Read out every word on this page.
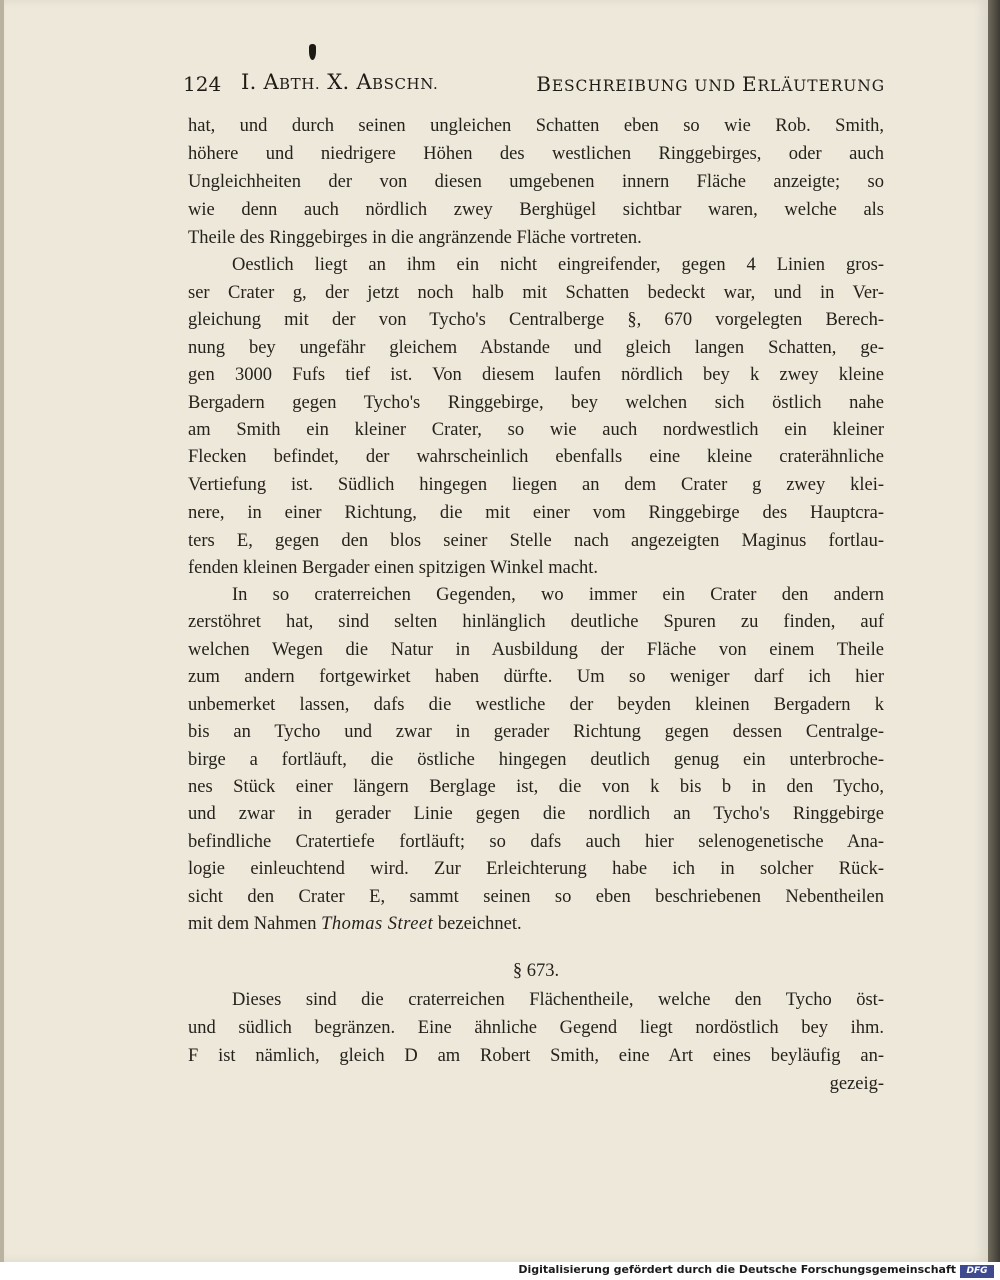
124 I. ABTH. X. ABSCHN.	BESCHREIBUNG UND ERLÄUTERUNG
hat, und durch seinen ungleichen Schatten eben so wie Rob. Smith,
höhere und niedrigere Höhen des westlichen Ringgebirges, oder auch
Ungleichheiten der von diesen umgebenen innern Fläche anzeigte; so
wie denn auch nördlich zwey Berghügel sichtbar waren, welche als
Theile des Ringgebirges in die angränzende Fläche vortreten.
Oestlich liegt an ihm ein nicht eingreifender, gegen 4 Linien gros-
ser Crater g, der jetzt noch halb mit Schatten bedeckt war, und in Ver-
gleichung mit der von Tycho's Centralberge §, 670 vorgelegten Berech-
nung bey ungefähr gleichem Abstande und gleich langen Schatten, ge-
gen 3000 Fufs tief ist. Von diesem laufen nördlich bey k zwey kleine
Bergadern gegen Tycho's Ringgebirge, bey welchen sich östlich nahe
am Smith ein kleiner Crater, so wie auch nordwestlich ein kleiner
Flecken befindet, der wahrscheinlich ebenfalls eine kleine craterähnliche
Vertiefung ist. Südlich hingegen liegen an dem Crater g zwey klei-
nere, in einer Richtung, die mit einer vom Ringgebirge des Hauptcra-
ters E, gegen den blos seiner Stelle nach angezeigten Maginus fortlau-
fenden kleinen Bergader einen spitzigen Winkel macht.
In so craterreichen Gegenden, wo immer ein Crater den andern
zerstöhret hat, sind selten hinlänglich deutliche Spuren zu finden, auf
welchen Wegen die Natur in Ausbildung der Fläche von einem Theile
zum andern fortgewirket haben dürfte. Um so weniger darf ich hier
unbemerket lassen, dafs die westliche der beyden kleinen Bergadern k
bis an Tycho und zwar in gerader Richtung gegen dessen Centralge-
birge a fortläuft, die östliche hingegen deutlich genug ein unterbroche-
nes Stück einer längern Berglage ist, die von k bis b in den Tycho,
und zwar in gerader Linie gegen die nordlich an Tycho's Ringgebirge
befindliche Cratertiefe fortläuft; so dafs auch hier selenogenetische Ana-
logie einleuchtend wird. Zur Erleichterung habe ich in solcher Rück-
sicht den Crater E, sammt seinen so eben beschriebenen Nebentheilen
mit dem Nahmen Thomas Street bezeichnet.
§ 673.
Dieses sind die craterreichen Flächentheile, welche den Tycho öst-
und südlich begränzen. Eine ähnliche Gegend liegt nordöstlich bey ihm.
F ist nämlich, gleich D am Robert Smith, eine Art eines beyläufig an-
gezeig-
Digitalisierung gefördert durch die Deutsche Forschungsgemeinschaft	DFG
